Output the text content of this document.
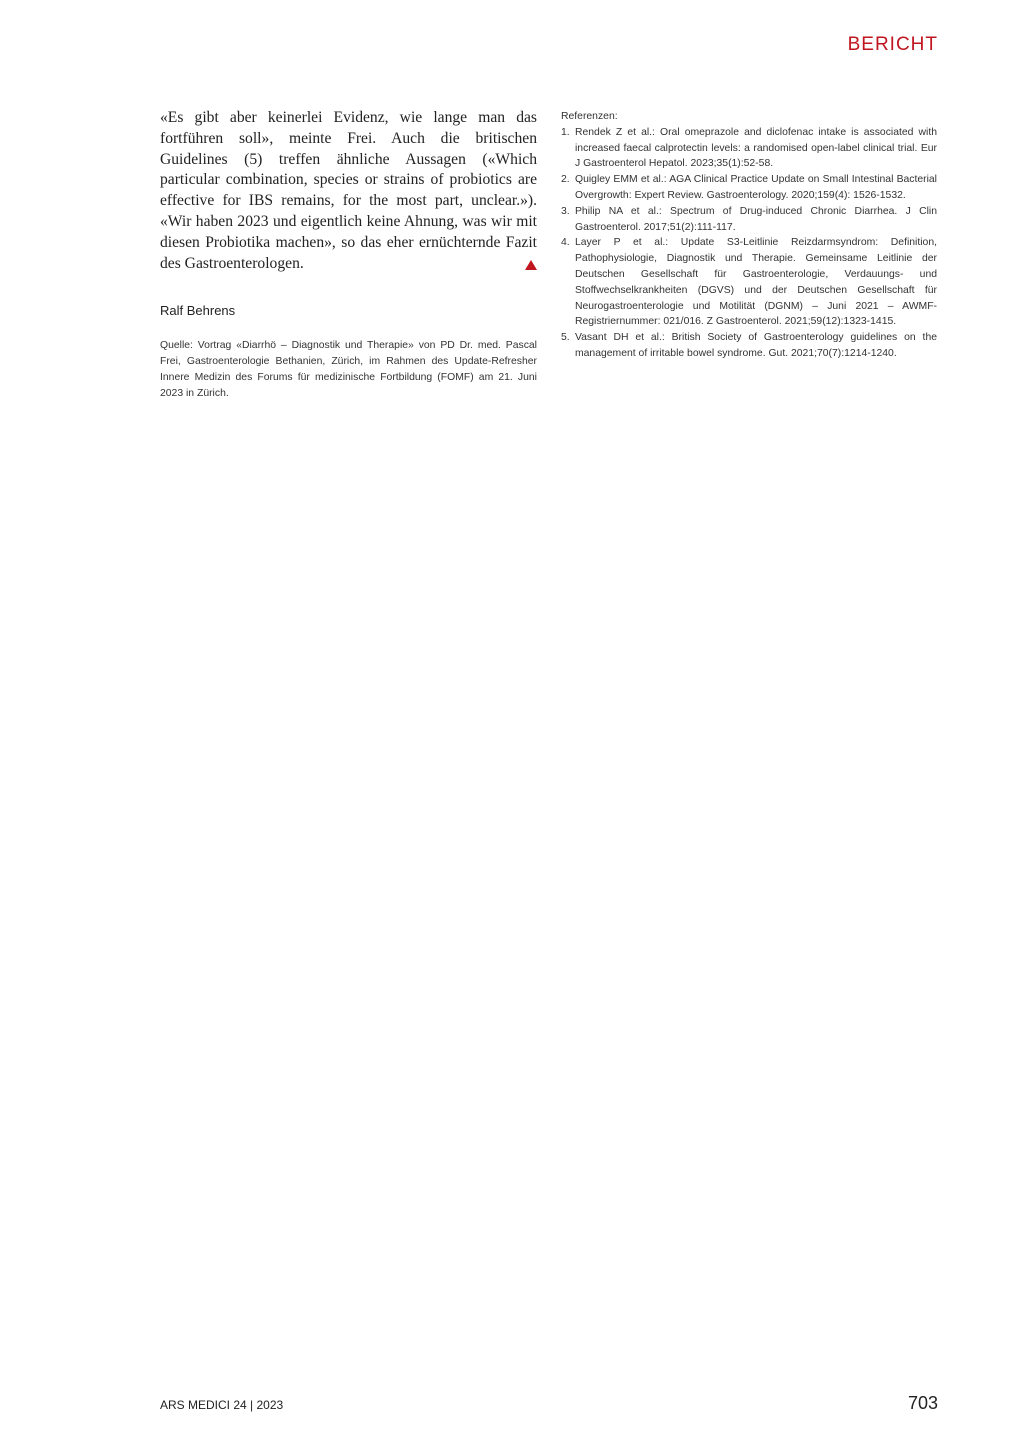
BERICHT

«Es gibt aber keinerlei Evidenz, wie lange man das fortführen soll», meinte Frei. Auch die britischen Guidelines (5) treffen ähnliche Aussagen («Which particular combination, species or strains of probiotics are effective for IBS remains, for the most part, unclear.»). «Wir haben 2023 und eigentlich keine Ahnung, was wir mit diesen Probiotika machen», so das eher ernüchternde Fazit des Gastroenterologen.

Ralf Behrens

Quelle: Vortrag «Diarrhö – Diagnostik und Therapie» von PD Dr. med. Pascal Frei, Gastroenterologie Bethanien, Zürich, im Rahmen des Update-Refresher Innere Medizin des Forums für medizinische Fortbildung (FOMF) am 21. Juni 2023 in Zürich.

Referenzen:

1. Rendek Z et al.: Oral omeprazole and diclofenac intake is associated with increased faecal calprotectin levels: a randomised open-label clinical trial. Eur J Gastroenterol Hepatol. 2023;35(1):52-58.
2. Quigley EMM et al.: AGA Clinical Practice Update on Small Intestinal Bacterial Overgrowth: Expert Review. Gastroenterology. 2020;159(4): 1526-1532.
3. Philip NA et al.: Spectrum of Drug-induced Chronic Diarrhea. J Clin Gastroenterol. 2017;51(2):111-117.
4. Layer P et al.: Update S3-Leitlinie Reizdarmsyndrom: Definition, Pathophysiologie, Diagnostik und Therapie. Gemeinsame Leitlinie der Deutschen Gesellschaft für Gastroenterologie, Verdauungs- und Stoffwechselkrankheiten (DGVS) und der Deutschen Gesellschaft für Neurogastroenterologie und Motilität (DGNM) – Juni 2021 – AWMF-Registriernummer: 021/016. Z Gastroenterol. 2021;59(12):1323-1415.
5. Vasant DH et al.: British Society of Gastroenterology guidelines on the management of irritable bowel syndrome. Gut. 2021;70(7):1214-1240.
ARS MEDICI 24 | 2023	703
